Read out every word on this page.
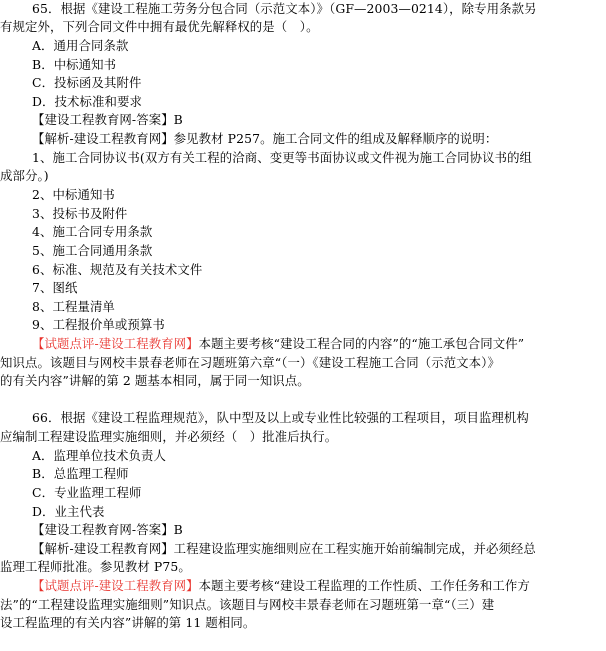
65．根据《建设工程施工劳务分包合同（示范文本）》（GF—2003—0214），除专用条款另
有规定外，下列合同文件中拥有最优先解释权的是（　）。
A．通用合同条款
B．中标通知书
C．投标函及其附件
D．技术标准和要求
【建设工程教育网-答案】B
【解析-建设工程教育网】参见教材 P257。施工合同文件的组成及解释顺序的说明：
1、施工合同协议书(双方有关工程的洽商、变更等书面协议或文件视为施工合同协议书的组
成部分。)
2、中标通知书
3、投标书及附件
4、施工合同专用条款
5、施工合同通用条款
6、标准、规范及有关技术文件
7、图纸
8、工程量清单
9、工程报价单或预算书
【试题点评-建设工程教育网】本题主要考核“建设工程合同的内容”的“施工承包合同文件”
知识点。该题目与网校丰景春老师在习题班第六章“（一）《建设工程施工合同（示范文本）》
的有关内容”讲解的第 2 题基本相同，属于同一知识点。
66．根据《建设工程监理规范》，队中型及以上或专业性比较强的工程项目，项目监理机构
应编制工程建设监理实施细则，并必须经（　）批准后执行。
A．监理单位技术负责人
B．总监理工程师
C．专业监理工程师
D．业主代表
【建设工程教育网-答案】B
【解析-建设工程教育网】工程建设监理实施细则应在工程实施开始前编制完成，并必须经总
监理工程师批准。参见教材 P75。
【试题点评-建设工程教育网】本题主要考核“建设工程监理的工作性质、工作任务和工作方
法”的“工程建设监理实施细则”知识点。该题目与网校丰景春老师在习题班第一章“（三）建
设工程监理的有关内容”讲解的第 11 题相同。
